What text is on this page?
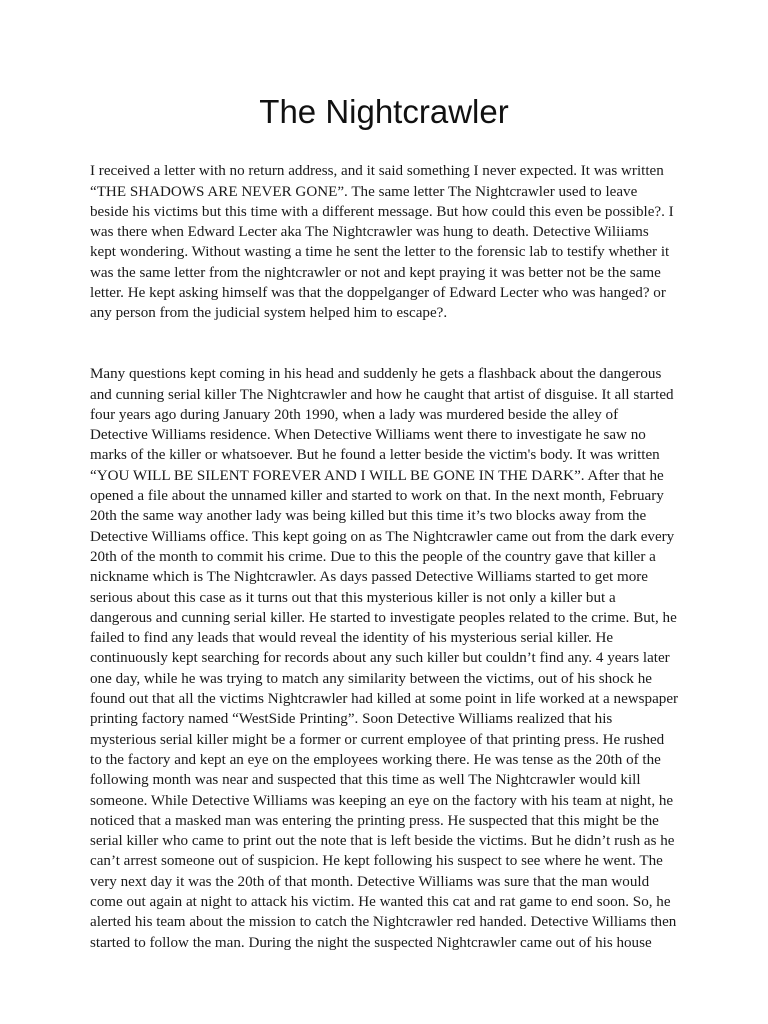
The Nightcrawler

I received a letter with no return address, and it said something I never expected. It was written
“THE SHADOWS ARE NEVER GONE”. The same letter The Nightcrawler used to leave
beside his victims but this time with a different message. But how could this even be possible?. I
was there when Edward Lecter aka The Nightcrawler was hung to death. Detective Wiliiams
kept wondering. Without wasting a time he sent the letter to the forensic lab to testify whether it
was the same letter from the nightcrawler or not and kept praying it was better not be the same
letter. He kept asking himself was that the doppelganger of Edward Lecter who was hanged? or
any person from the judicial system helped him to escape?.

Many questions kept coming in his head and suddenly he gets a flashback about the dangerous
and cunning serial killer The Nightcrawler and how he caught that artist of disguise. It all started
four years ago during January 20th 1990, when a lady was murdered beside the alley of
Detective Williams residence. When Detective Williams went there to investigate he saw no
marks of the killer or whatsoever. But he found a letter beside the victim's body. It was written
“YOU WILL BE SILENT FOREVER AND I WILL BE GONE IN THE DARK”. After that he
opened a file about the unnamed killer and started to work on that. In the next month, February
20th the same way another lady was being killed but this time it’s two blocks away from the
Detective Williams office. This kept going on as The Nightcrawler came out from the dark every
20th of the month to commit his crime. Due to this the people of the country gave that killer a
nickname which is The Nightcrawler. As days passed Detective Williams started to get more
serious about this case as it turns out that this mysterious killer is not only a killer but a
dangerous and cunning serial killer. He started to investigate peoples related to the crime. But, he
failed to find any leads that would reveal the identity of his mysterious serial killer. He
continuously kept searching for records about any such killer but couldn’t find any. 4 years later
one day, while he was trying to match any similarity between the victims, out of his shock he
found out that all the victims Nightcrawler had killed at some point in life worked at a newspaper
printing factory named “WestSide Printing”. Soon Detective Williams realized that his
mysterious serial killer might be a former or current employee of that printing press. He rushed
to the factory and kept an eye on the employees working there. He was tense as the 20th of the
following month was near and suspected that this time as well The Nightcrawler would kill
someone. While Detective Williams was keeping an eye on the factory with his team at night, he
noticed that a masked man was entering the printing press. He suspected that this might be the
serial killer who came to print out the note that is left beside the victims. But he didn’t rush as he
can’t arrest someone out of suspicion. He kept following his suspect to see where he went. The
very next day it was the 20th of that month. Detective Williams was sure that the man would
come out again at night to attack his victim. He wanted this cat and rat game to end soon. So, he
alerted his team about the mission to catch the Nightcrawler red handed. Detective Williams then
started to follow the man. During the night the suspected Nightcrawler came out of his house
